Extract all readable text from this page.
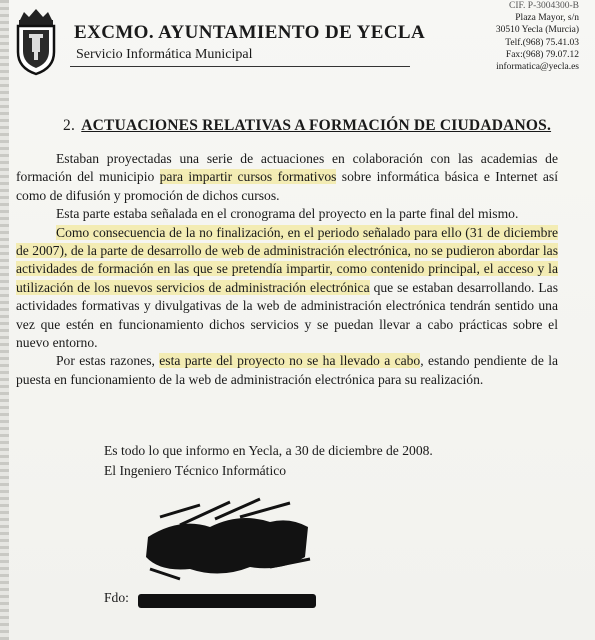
EXCMO. AYUNTAMIENTO DE YECLA
Servicio Informática Municipal
CIF. P-3004300-B
Plaza Mayor, s/n
30510 Yecla (Murcia)
Telf.(968) 75.41.03
Fax:(968) 79.07.12
informatica@yecla.es
2. ACTUACIONES RELATIVAS A FORMACIÓN DE CIUDADANOS.

Estaban proyectadas una serie de actuaciones en colaboración con las academias de formación del municipio para impartir cursos formativos sobre informática básica e Internet así como de difusión y promoción de dichos cursos.

Esta parte estaba señalada en el cronograma del proyecto en la parte final del mismo.

Como consecuencia de la no finalización, en el periodo señalado para ello (31 de diciembre de 2007), de la parte de desarrollo de web de administración electrónica, no se pudieron abordar las actividades de formación en las que se pretendía impartir, como contenido principal, el acceso y la utilización de los nuevos servicios de administración electrónica que se estaban desarrollando. Las actividades formativas y divulgativas de la web de administración electrónica tendrán sentido una vez que estén en funcionamiento dichos servicios y se puedan llevar a cabo prácticas sobre el nuevo entorno.

Por estas razones, esta parte del proyecto no se ha llevado a cabo, estando pendiente de la puesta en funcionamiento de la web de administración electrónica para su realización.

Es todo lo que informo en Yecla, a 30 de diciembre de 2008.
El Ingeniero Técnico Informático
Fdo:
